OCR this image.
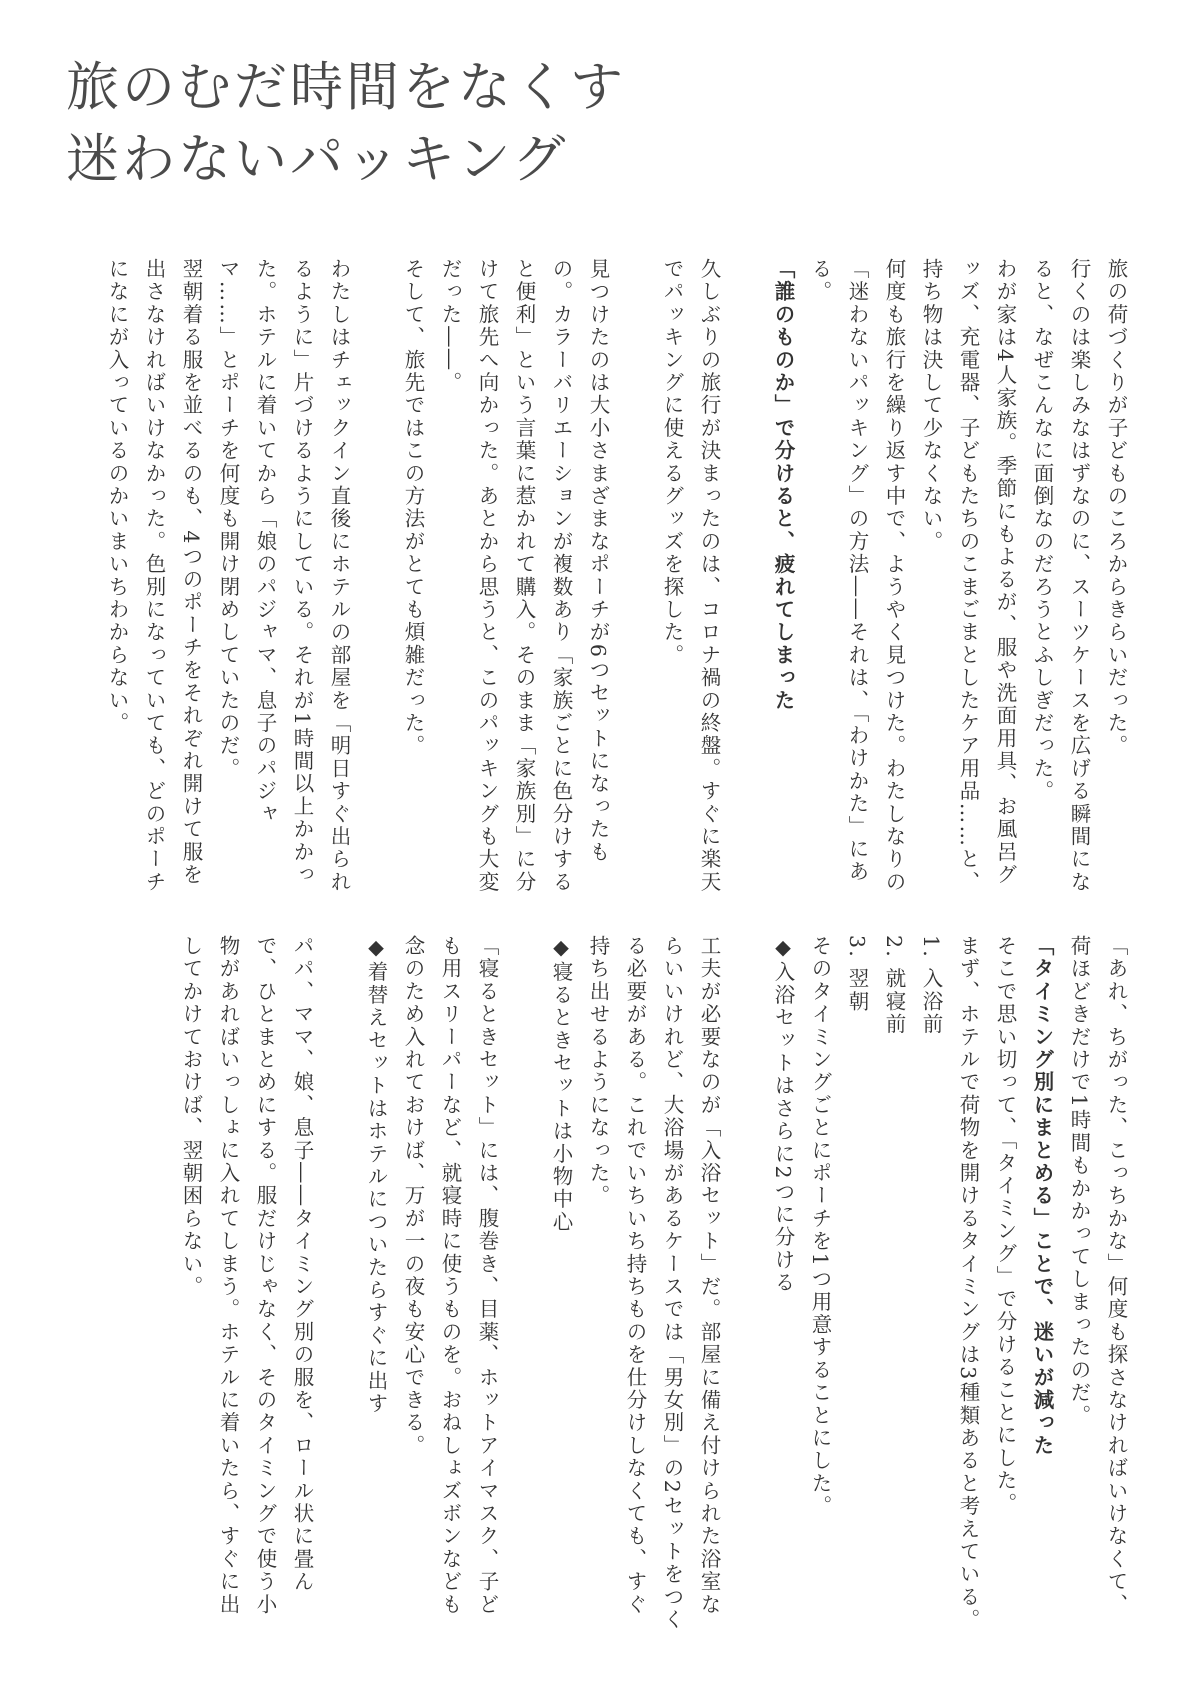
旅のむだ時間をなくす
迷わないパッキング

旅の荷づくりが子どものころからきらいだった。

行くのは楽しみなはずなのに、スーツケースを広げる瞬間になると、なぜこんなに面倒なのだろうとふしぎだった。

わが家は4人家族。季節にもよるが、服や洗面用具、お風呂グッズ、充電器、子どもたちのこまごまとしたケア用品……と、持ち物は決して少なくない。

何度も旅行を繰り返す中で、ようやく見つけた。わたしなりの「迷わないパッキング」の方法――それは、「わけかた」にある。

「誰のものか」で分けると、疲れてしまった

久しぶりの旅行が決まったのは、コロナ禍の終盤。すぐに楽天でパッキングに使えるグッズを探した。

見つけたのは大小さまざまなポーチが6つセットになったもの。カラーバリエーションが複数あり「家族ごとに色分けすると便利」という言葉に惹かれて購入。そのまま「家族別」に分けて旅先へ向かった。あとから思うと、このパッキングも大変だった――。

そして、旅先ではこの方法がとても煩雑だった。

わたしはチェックイン直後にホテルの部屋を「明日すぐ出られるように」片づけるようにしている。それが1時間以上かかった。ホテルに着いてから「娘のパジャマ、息子のパジャマ……」とポーチを何度も開け閉めしていたのだ。

翌朝着る服を並べるのも、4つのポーチをそれぞれ開けて服を出さなければいけなかった。色別になっていても、どのポーチになにが入っているのかいまいちわからない。

「あれ、ちがった、こっちかな」何度も探さなければいけなくて、荷ほどきだけで1時間もかかってしまったのだ。

「タイミング別にまとめる」ことで、迷いが減った

そこで思い切って、「タイミング」で分けることにした。

まず、ホテルで荷物を開けるタイミングは3種類あると考えている。

1. 入浴前

2. 就寝前

3. 翌朝

そのタイミングごとにポーチを1つ用意することにした。

◆入浴セットはさらに2つに分ける

工夫が必要なのが「入浴セット」だ。部屋に備え付けられた浴室ならいいけれど、大浴場があるケースでは「男女別」の2セットをつくる必要がある。これでいちいち持ちものを仕分けしなくても、すぐ持ち出せるようになった。

◆寝るときセットは小物中心

「寝るときセット」には、腹巻き、目薬、ホットアイマスク、子ども用スリーパーなど、就寝時に使うものを。おねしょズボンなども念のため入れておけば、万が一の夜も安心できる。

◆着替えセットはホテルについたらすぐに出す

パパ、ママ、娘、息子――タイミング別の服を、ロール状に畳んで、ひとまとめにする。服だけじゃなく、そのタイミングで使う小物があればいっしょに入れてしまう。ホテルに着いたら、すぐに出してかけておけば、翌朝困らない。
